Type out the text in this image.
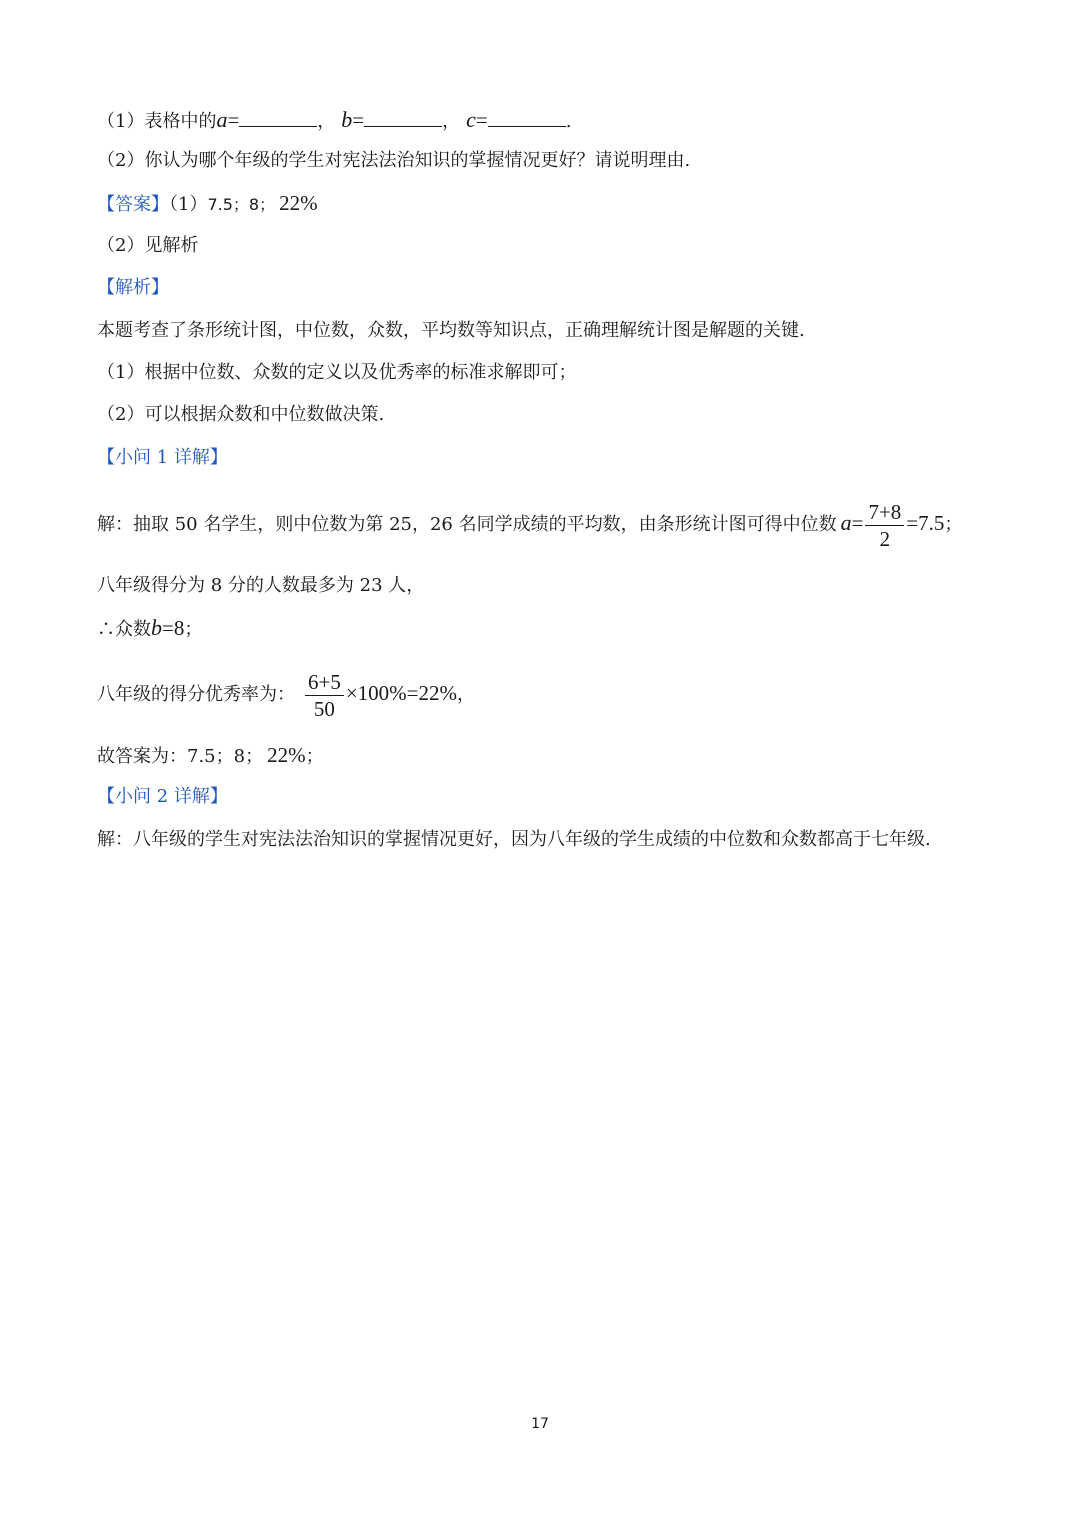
（1）表格中的a=	， b=	， c=	.
（2）你认为哪个年级的学生对宪法法治知识的掌握情况更好？请说明理由.
【答案】（1）7.5；8； 22%
（2）见解析
【解析】
本题考查了条形统计图，中位数，众数，平均数等知识点，正确理解统计图是解题的关键.
（1）根据中位数、众数的定义以及优秀率的标准求解即可；
（2）可以根据众数和中位数做决策.
【小问 1 详解】
解：抽取 50 名学生，则中位数为第 25，26 名同学成绩的平均数，由条形统计图可得中位数 $a= \frac{7+8}{2} =7.5$；
八年级得分为 8 分的人数最多为 23 人，
∴众数b=8；
八年级的得分优秀率为： $\frac{6+5}{50} \times 100\%=22\%$，
故答案为：7.5；8； 22%；
【小问 2 详解】
解：八年级的学生对宪法法治知识的掌握情况更好，因为八年级的学生成绩的中位数和众数都高于七年级.
17
